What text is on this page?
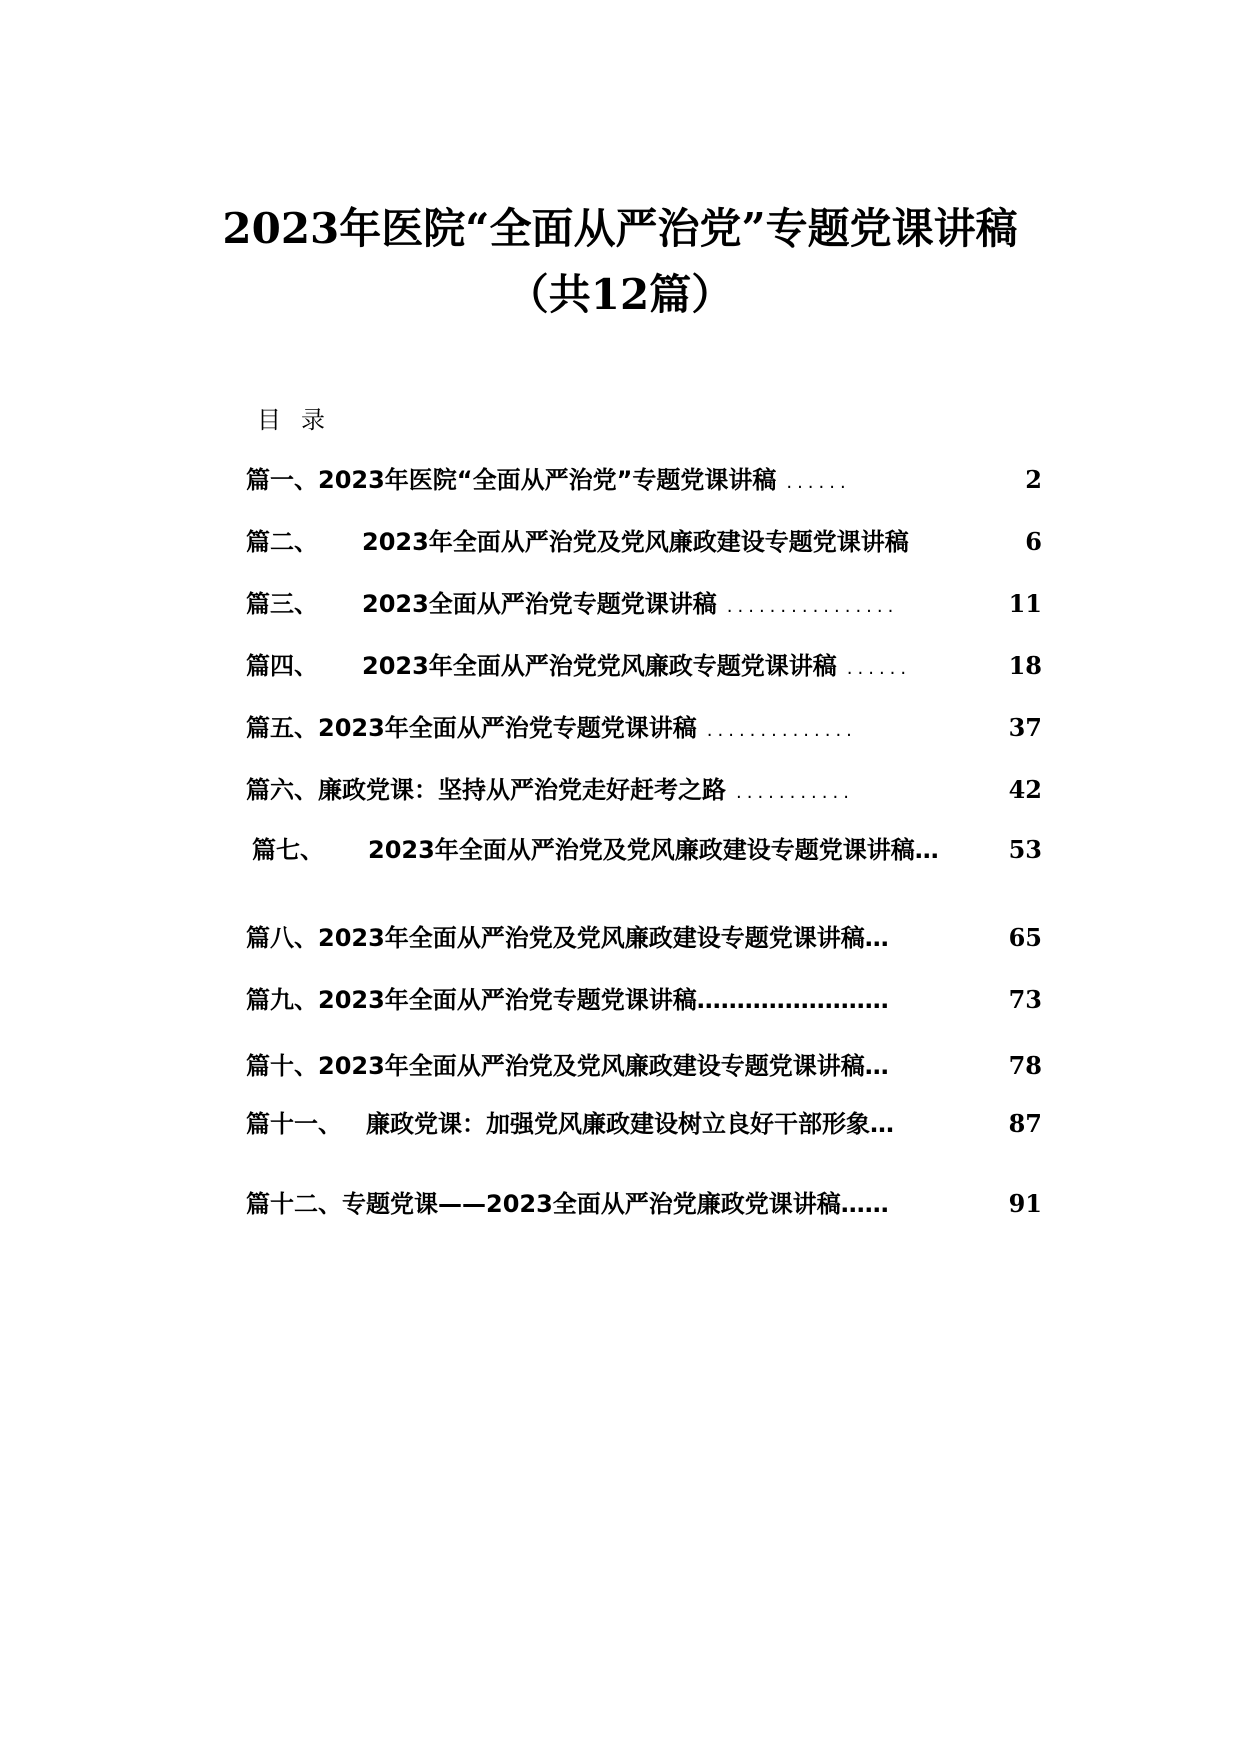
2023年医院“全面从严治党”专题党课讲稿
（共12篇）
目录
篇一、 2023年医院“全面从严治党”专题党课讲稿 ......	2
篇二、 2023年全面从严治党及党风廉政建设专题党课讲稿	6
篇三、 2023全面从严治党专题党课讲稿 ................	11
篇四、 2023年全面从严治党党风廉政专题党课讲稿 ......	18
篇五、 2023年全面从严治党专题党课讲稿 ..............	37
篇六、 廉政党课：坚持从严治党走好赶考之路 ...........	42
篇七、 2023年全面从严治党及党风廉政建设专题党课讲稿 …	53
篇八、 2023年全面从严治党及党风廉政建设专题党课讲稿 …	65
篇九、 2023年全面从严治党专题党课讲稿 ……………………	73
篇十、 2023年全面从严治党及党风廉政建设专题党课讲稿 …	78
篇十一、 廉政党课：加强党风廉政建设树立良好干部形象 …	87
篇十二、 专题党课——2023全面从严治党廉政党课讲稿 ……	91
